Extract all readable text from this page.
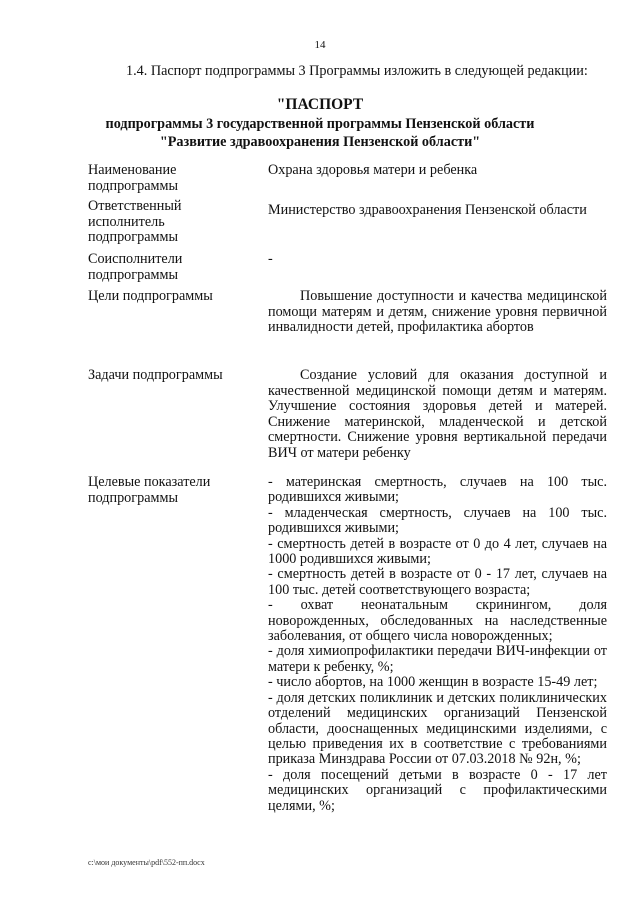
14
1.4. Паспорт подпрограммы 3 Программы изложить в следующей редакции:
"ПАСПОРТ
подпрограммы 3 государственной программы Пензенской области
"Развитие здравоохранения Пензенской области"
Наименование подпрограммы
Охрана здоровья матери и ребенка
Ответственный исполнитель подпрограммы
Министерство здравоохранения Пензенской области
Соисполнители подпрограммы
-
Цели подпрограммы	Повышение доступности и качества медицинской помощи матерям и детям, снижение уровня первичной инвалидности детей, профилактика абортов
Задачи подпрограммы	Создание условий для оказания доступной и качественной медицинской помощи детям и матерям. Улучшение состояния здоровья детей и матерей. Снижение материнской, младенческой и детской смертности. Снижение уровня вертикальной передачи ВИЧ от матери ребенку
Целевые показатели подпрограммы
- материнская смертность, случаев на 100 тыс. родившихся живыми;
- младенческая смертность, случаев на 100 тыс. родившихся живыми;
- смертность детей в возрасте от 0 до 4 лет, случаев на 1000 родившихся живыми;
- смертность детей в возрасте от 0 - 17 лет, случаев на 100 тыс. детей соответствующего возраста;
- охват неонатальным скринингом, доля новорожденных, обследованных на наследственные заболевания, от общего числа новорожденных;
- доля химиопрофилактики передачи ВИЧ-инфекции от матери к ребенку, %;
- число абортов, на 1000 женщин в возрасте 15-49 лет;
- доля детских поликлиник и детских поликлинических отделений медицинских организаций Пензенской области, дооснащенных медицинскими изделиями, с целью приведения их в соответствие с требованиями приказа Минздрава России от 07.03.2018 № 92н, %;
- доля посещений детьми в возрасте 0 - 17 лет медицинских организаций с профилактическими целями, %;
c:\мои документы\pdf\552-пп.docx
